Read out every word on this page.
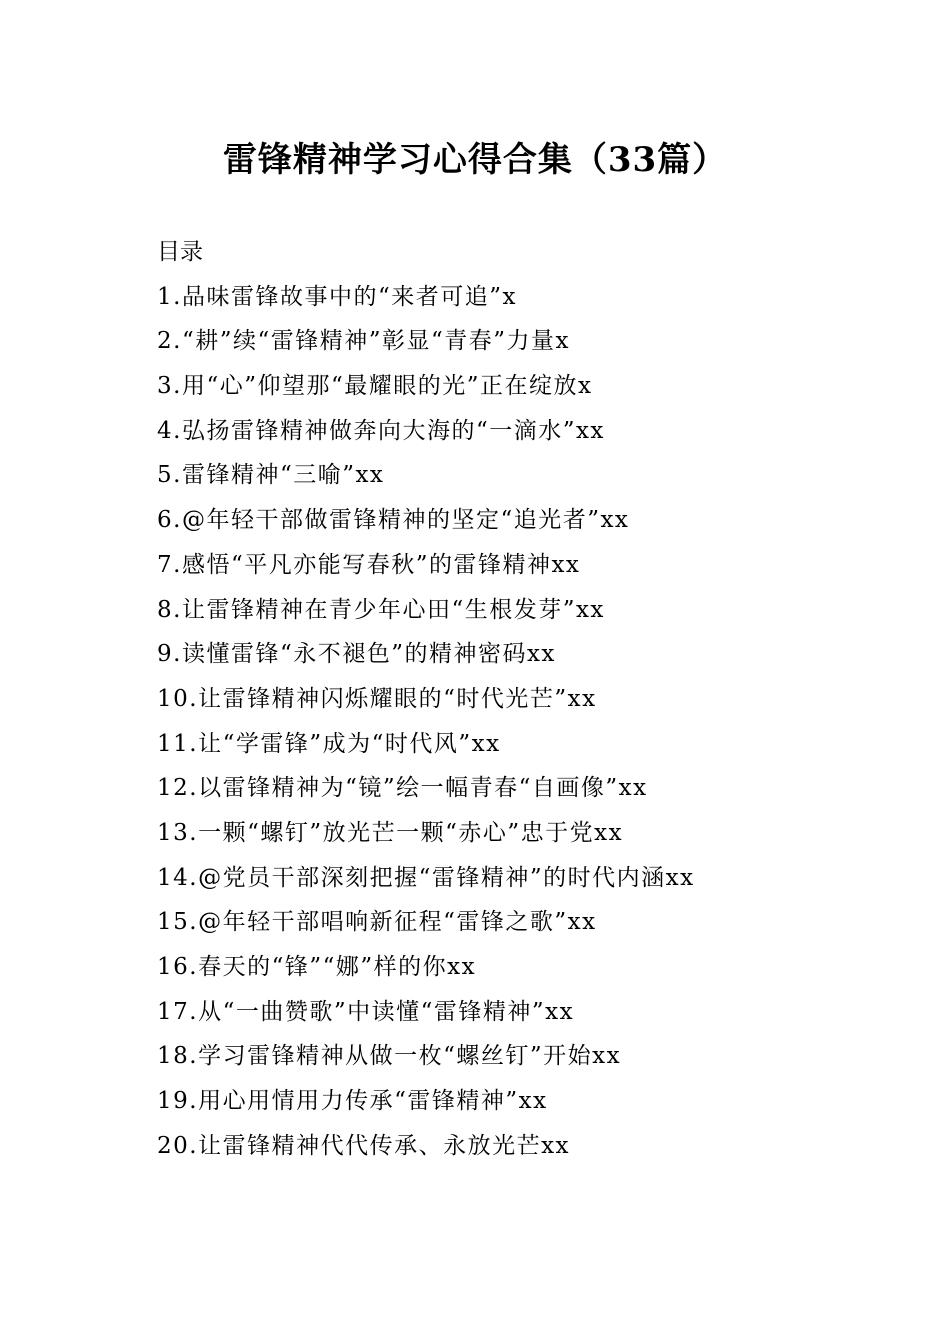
雷锋精神学习心得合集（33篇）
目录
1.品味雷锋故事中的“来者可追”x
2.“耕”续“雷锋精神”彰显“青春”力量x
3.用“心”仰望那“最耀眼的光”正在绽放x
4.弘扬雷锋精神做奔向大海的“一滴水”xx
5.雷锋精神“三喻”xx
6.@年轻干部做雷锋精神的坚定“追光者”xx
7.感悟“平凡亦能写春秋”的雷锋精神xx
8.让雷锋精神在青少年心田“生根发芽”xx
9.读懂雷锋“永不褪色”的精神密码xx
10.让雷锋精神闪烁耀眼的“时代光芒”xx
11.让“学雷锋”成为“时代风”xx
12.以雷锋精神为“镜”绘一幅青春“自画像”xx
13.一颗“螺钉”放光芒一颗“赤心”忠于党xx
14.@党员干部深刻把握“雷锋精神”的时代内涵xx
15.@年轻干部唱响新征程“雷锋之歌”xx
16.春天的“锋”“娜”样的你xx
17.从“一曲赞歌”中读懂“雷锋精神”xx
18.学习雷锋精神从做一枚“螺丝钉”开始xx
19.用心用情用力传承“雷锋精神”xx
20.让雷锋精神代代传承、永放光芒xx
